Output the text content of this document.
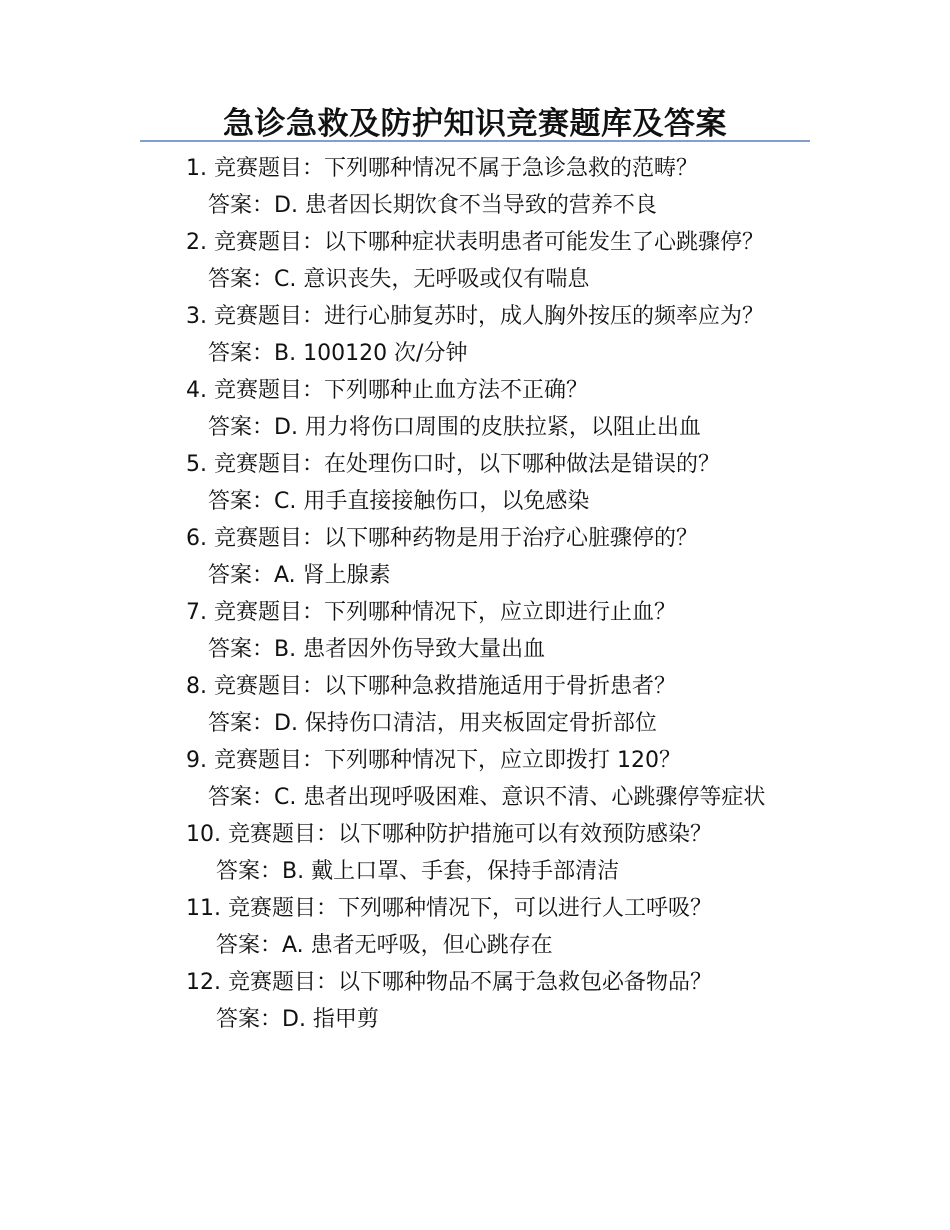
急诊急救及防护知识竞赛题库及答案

1. 竞赛题目：下列哪种情况不属于急诊急救的范畴？

答案：D. 患者因长期饮食不当导致的营养不良

2. 竞赛题目：以下哪种症状表明患者可能发生了心跳骤停？

答案：C. 意识丧失，无呼吸或仅有喘息

3. 竞赛题目：进行心肺复苏时，成人胸外按压的频率应为？

答案：B. 100120 次/分钟

4. 竞赛题目：下列哪种止血方法不正确？

答案：D. 用力将伤口周围的皮肤拉紧，以阻止出血

5. 竞赛题目：在处理伤口时，以下哪种做法是错误的？

答案：C. 用手直接接触伤口，以免感染

6. 竞赛题目：以下哪种药物是用于治疗心脏骤停的？

答案：A. 肾上腺素

7. 竞赛题目：下列哪种情况下，应立即进行止血？

答案：B. 患者因外伤导致大量出血

8. 竞赛题目：以下哪种急救措施适用于骨折患者？

答案：D. 保持伤口清洁，用夹板固定骨折部位

9. 竞赛题目：下列哪种情况下，应立即拨打 120？

答案：C. 患者出现呼吸困难、意识不清、心跳骤停等症状

10. 竞赛题目：以下哪种防护措施可以有效预防感染？

答案：B. 戴上口罩、手套，保持手部清洁

11. 竞赛题目：下列哪种情况下，可以进行人工呼吸？

答案：A. 患者无呼吸，但心跳存在

12. 竞赛题目：以下哪种物品不属于急救包必备物品？

答案：D. 指甲剪
